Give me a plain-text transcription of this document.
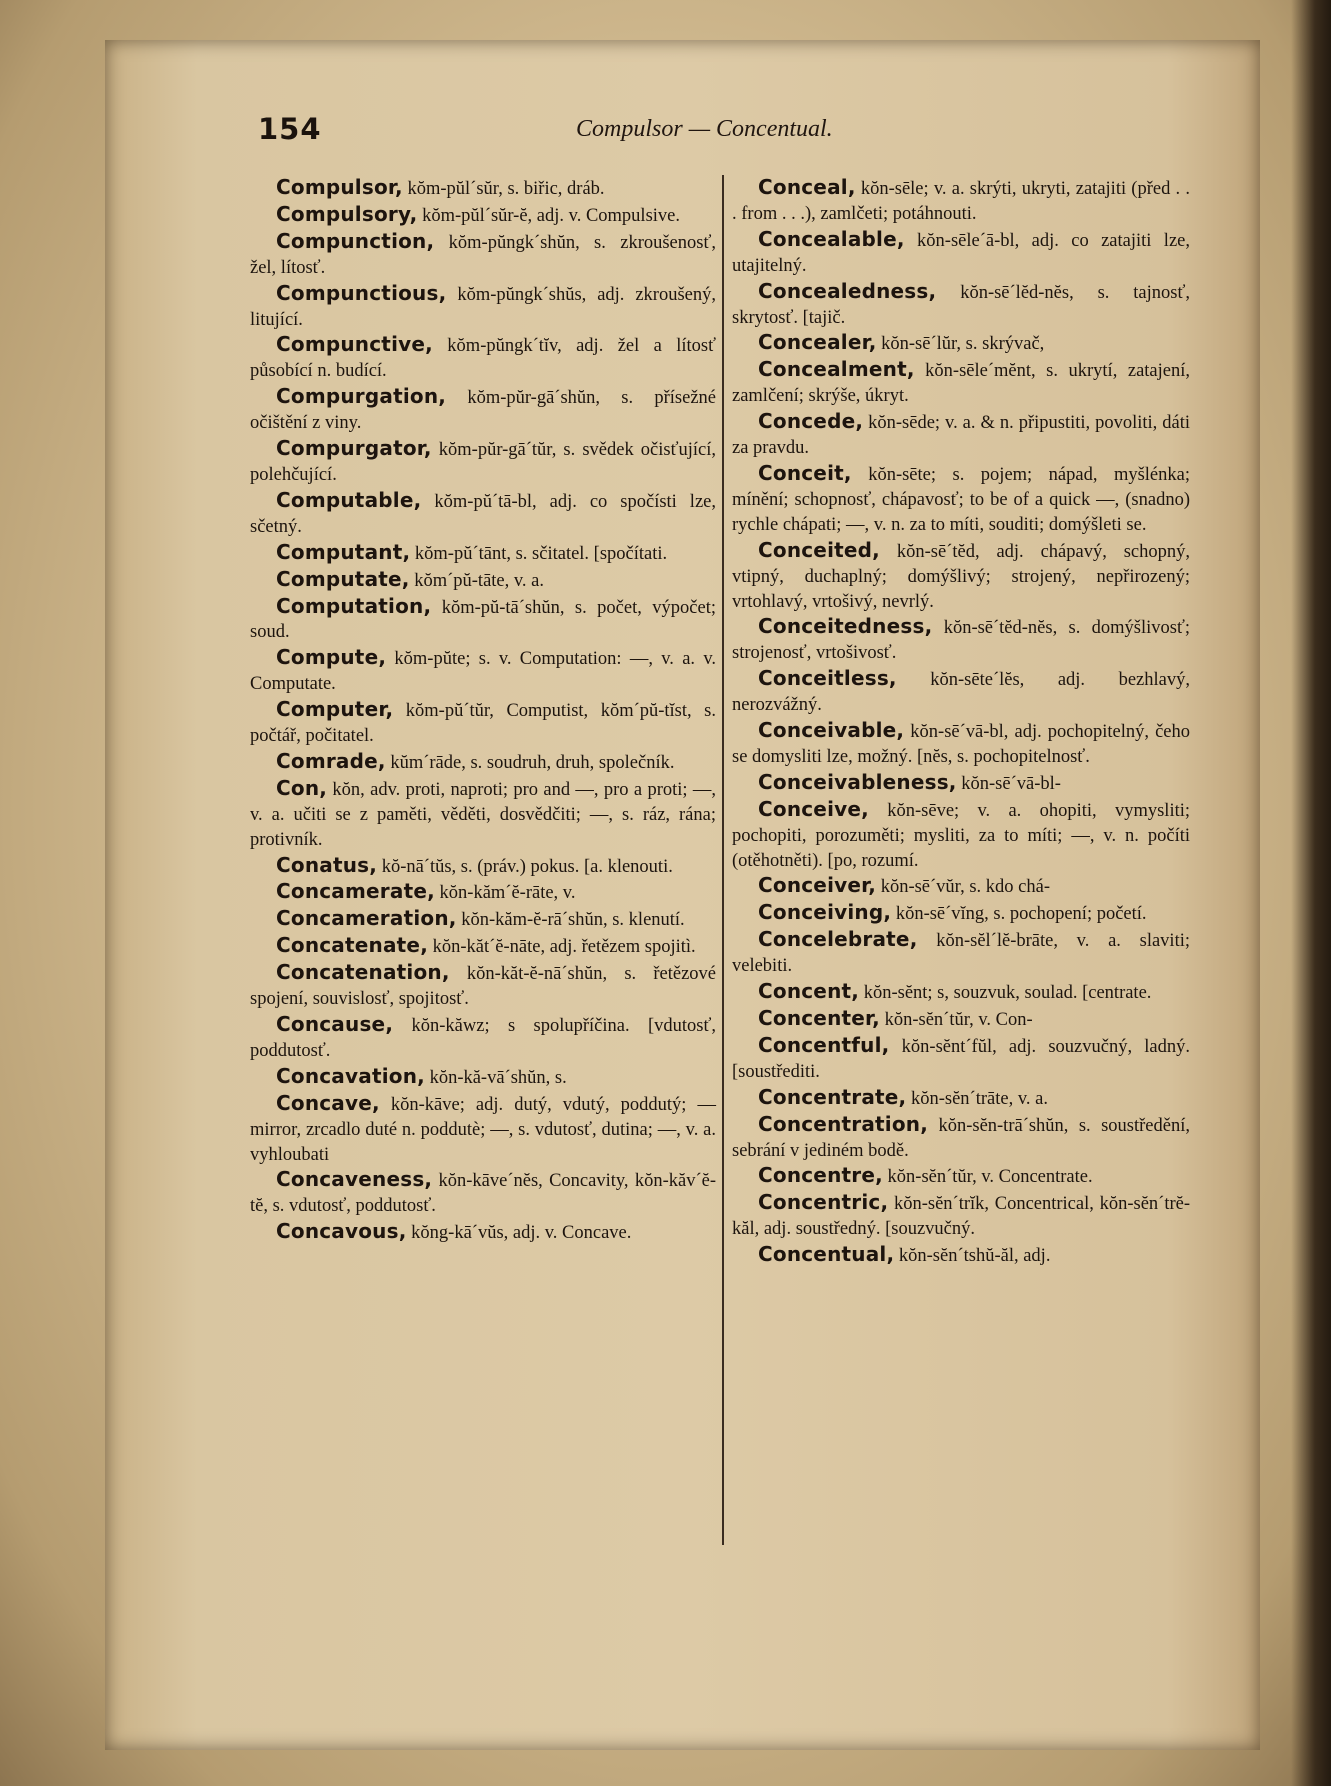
154	Compulsor — Concentual.

Compulsor, kŏm-pŭl´sŭr, s. biřic, dráb.

Compulsory, kŏm-pŭl´sŭr-ĕ, adj. v. Compulsive.

Compunction, kŏm-pŭngk´shŭn, s. zkroušenosť, žel, lítosť.

Compunctious, kŏm-pŭngk´shŭs, adj. zkroušený, litující.

Compunctive, kŏm-pŭngk´tĭv, adj. žel a lítosť působící n. budící.

Compurgation, kŏm-pŭr-gā´shŭn, s. přísežné očištění z viny.

Compurgator, kŏm-pŭr-gā´tŭr, s. svědek očisťující, polehčující.

Computable, kŏm-pŭ´tā-bl, adj. co spočísti lze, sčetný.

Computant, kŏm-pŭ´tānt, s. sčitatel. [spočítati.

Computate, kŏm´pŭ-tāte, v. a.

Computation, kŏm-pŭ-tā´shŭn, s. počet, výpočet; soud.

Compute, kŏm-pŭte; s. v. Computation: —, v. a. v. Computate.

Computer, kŏm-pŭ´tŭr, Computist, kŏm´pŭ-tĭst, s. počtář, počitatel.

Comrade, kŭm´rāde, s. soudruh, druh, společník.

Con, kŏn, adv. proti, naproti; pro and —, pro a proti; —, v. a. učiti se z paměti, věděti, dosvědčiti; —, s. ráz, rána; protivník.

Conatus, kŏ-nā´tŭs, s. (práv.) pokus. [a. klenouti.

Concamerate, kŏn-kăm´ĕ-rāte, v.

Concameration, kŏn-kăm-ĕ-rā´shŭn, s. klenutí.

Concatenate, kŏn-kăt´ĕ-nāte, adj. řetězem spojitì.

Concatenation, kŏn-kăt-ĕ-nā´shŭn, s. řetězové spojení, souvislosť, spojitosť.

Concause, kŏn-kăwz; s spolupříčina. [vdutosť, poddutosť.

Concavation, kŏn-kă-vā´shŭn, s.

Concave, kŏn-kāve; adj. dutý, vdutý, poddutý; — mirror, zrcadlo duté n. poddutè; —, s. vdutosť, dutina; —, v. a. vyhloubati

Concaveness, kŏn-kāve´nĕs, Concavity, kŏn-kăv´ĕ-tĕ, s. vdutosť, poddutosť.

Concavous, kŏng-kā´vŭs, adj. v. Concave.

Conceal, kŏn-sēle; v. a. skrýti, ukryti, zatajiti (před . . . from . . .), zamlčeti; potáhnouti.

Concealable, kŏn-sēle´ā-bl, adj. co zatajiti lze, utajitelný.

Concealedness, kŏn-sē´lĕd-nĕs, s. tajnosť, skrytosť. [tajič.

Concealer, kŏn-sē´lŭr, s. skrývač,

Concealment, kŏn-sēle´mĕnt, s. ukrytí, zatajení, zamlčení; skrýše, úkryt.

Concede, kŏn-sēde; v. a. & n. připustiti, povoliti, dáti za pravdu.

Conceit, kŏn-sēte; s. pojem; nápad, myšlénka; mínění; schopnosť, chápavosť; to be of a quick —, (snadno) rychle chápati; —, v. n. za to míti, souditi; domýšleti se.

Conceited, kŏn-sē´tĕd, adj. chápavý, schopný, vtipný, duchaplný; domýšlivý; strojený, nepřirozený; vrtohlavý, vrtošivý, nevrlý.

Conceitedness, kŏn-sē´tĕd-nĕs, s. domýšlivosť; strojenosť, vrtošivosť.

Conceitless, kŏn-sēte´lĕs, adj. bezhlavý, nerozvážný.

Conceivable, kŏn-sē´vā-bl, adj. pochopitelný, čeho se domysliti lze, možný. [nĕs, s. pochopitelnosť.

Conceivableness, kŏn-sē´vā-bl-

Conceive, kŏn-sēve; v. a. ohopiti, vymysliti; pochopiti, porozuměti; mysliti, za to míti; —, v. n. počíti (otěhotněti). [po, rozumí.

Conceiver, kŏn-sē´vŭr, s. kdo chá-

Conceiving, kŏn-sē´vĭng, s. pochopení; početí.

Concelebrate, kŏn-sĕl´lĕ-brāte, v. a. slaviti; velebiti.

Concent, kŏn-sĕnt; s, souzvuk, soulad. [centrate.

Concenter, kŏn-sĕn´tŭr, v. Con-

Concentful, kŏn-sĕnt´fŭl, adj. souzvučný, ladný. [soustřediti.

Concentrate, kŏn-sĕn´trāte, v. a.

Concentration, kŏn-sĕn-trā´shŭn, s. soustředění, sebrání v jediném bodě.

Concentre, kŏn-sĕn´tŭr, v. Concentrate.

Concentric, kŏn-sĕn´trĭk, Concentrical, kŏn-sĕn´trĕ-kăl, adj. soustředný. [souzvučný.

Concentual, kŏn-sĕn´tshŭ-ăl, adj.
